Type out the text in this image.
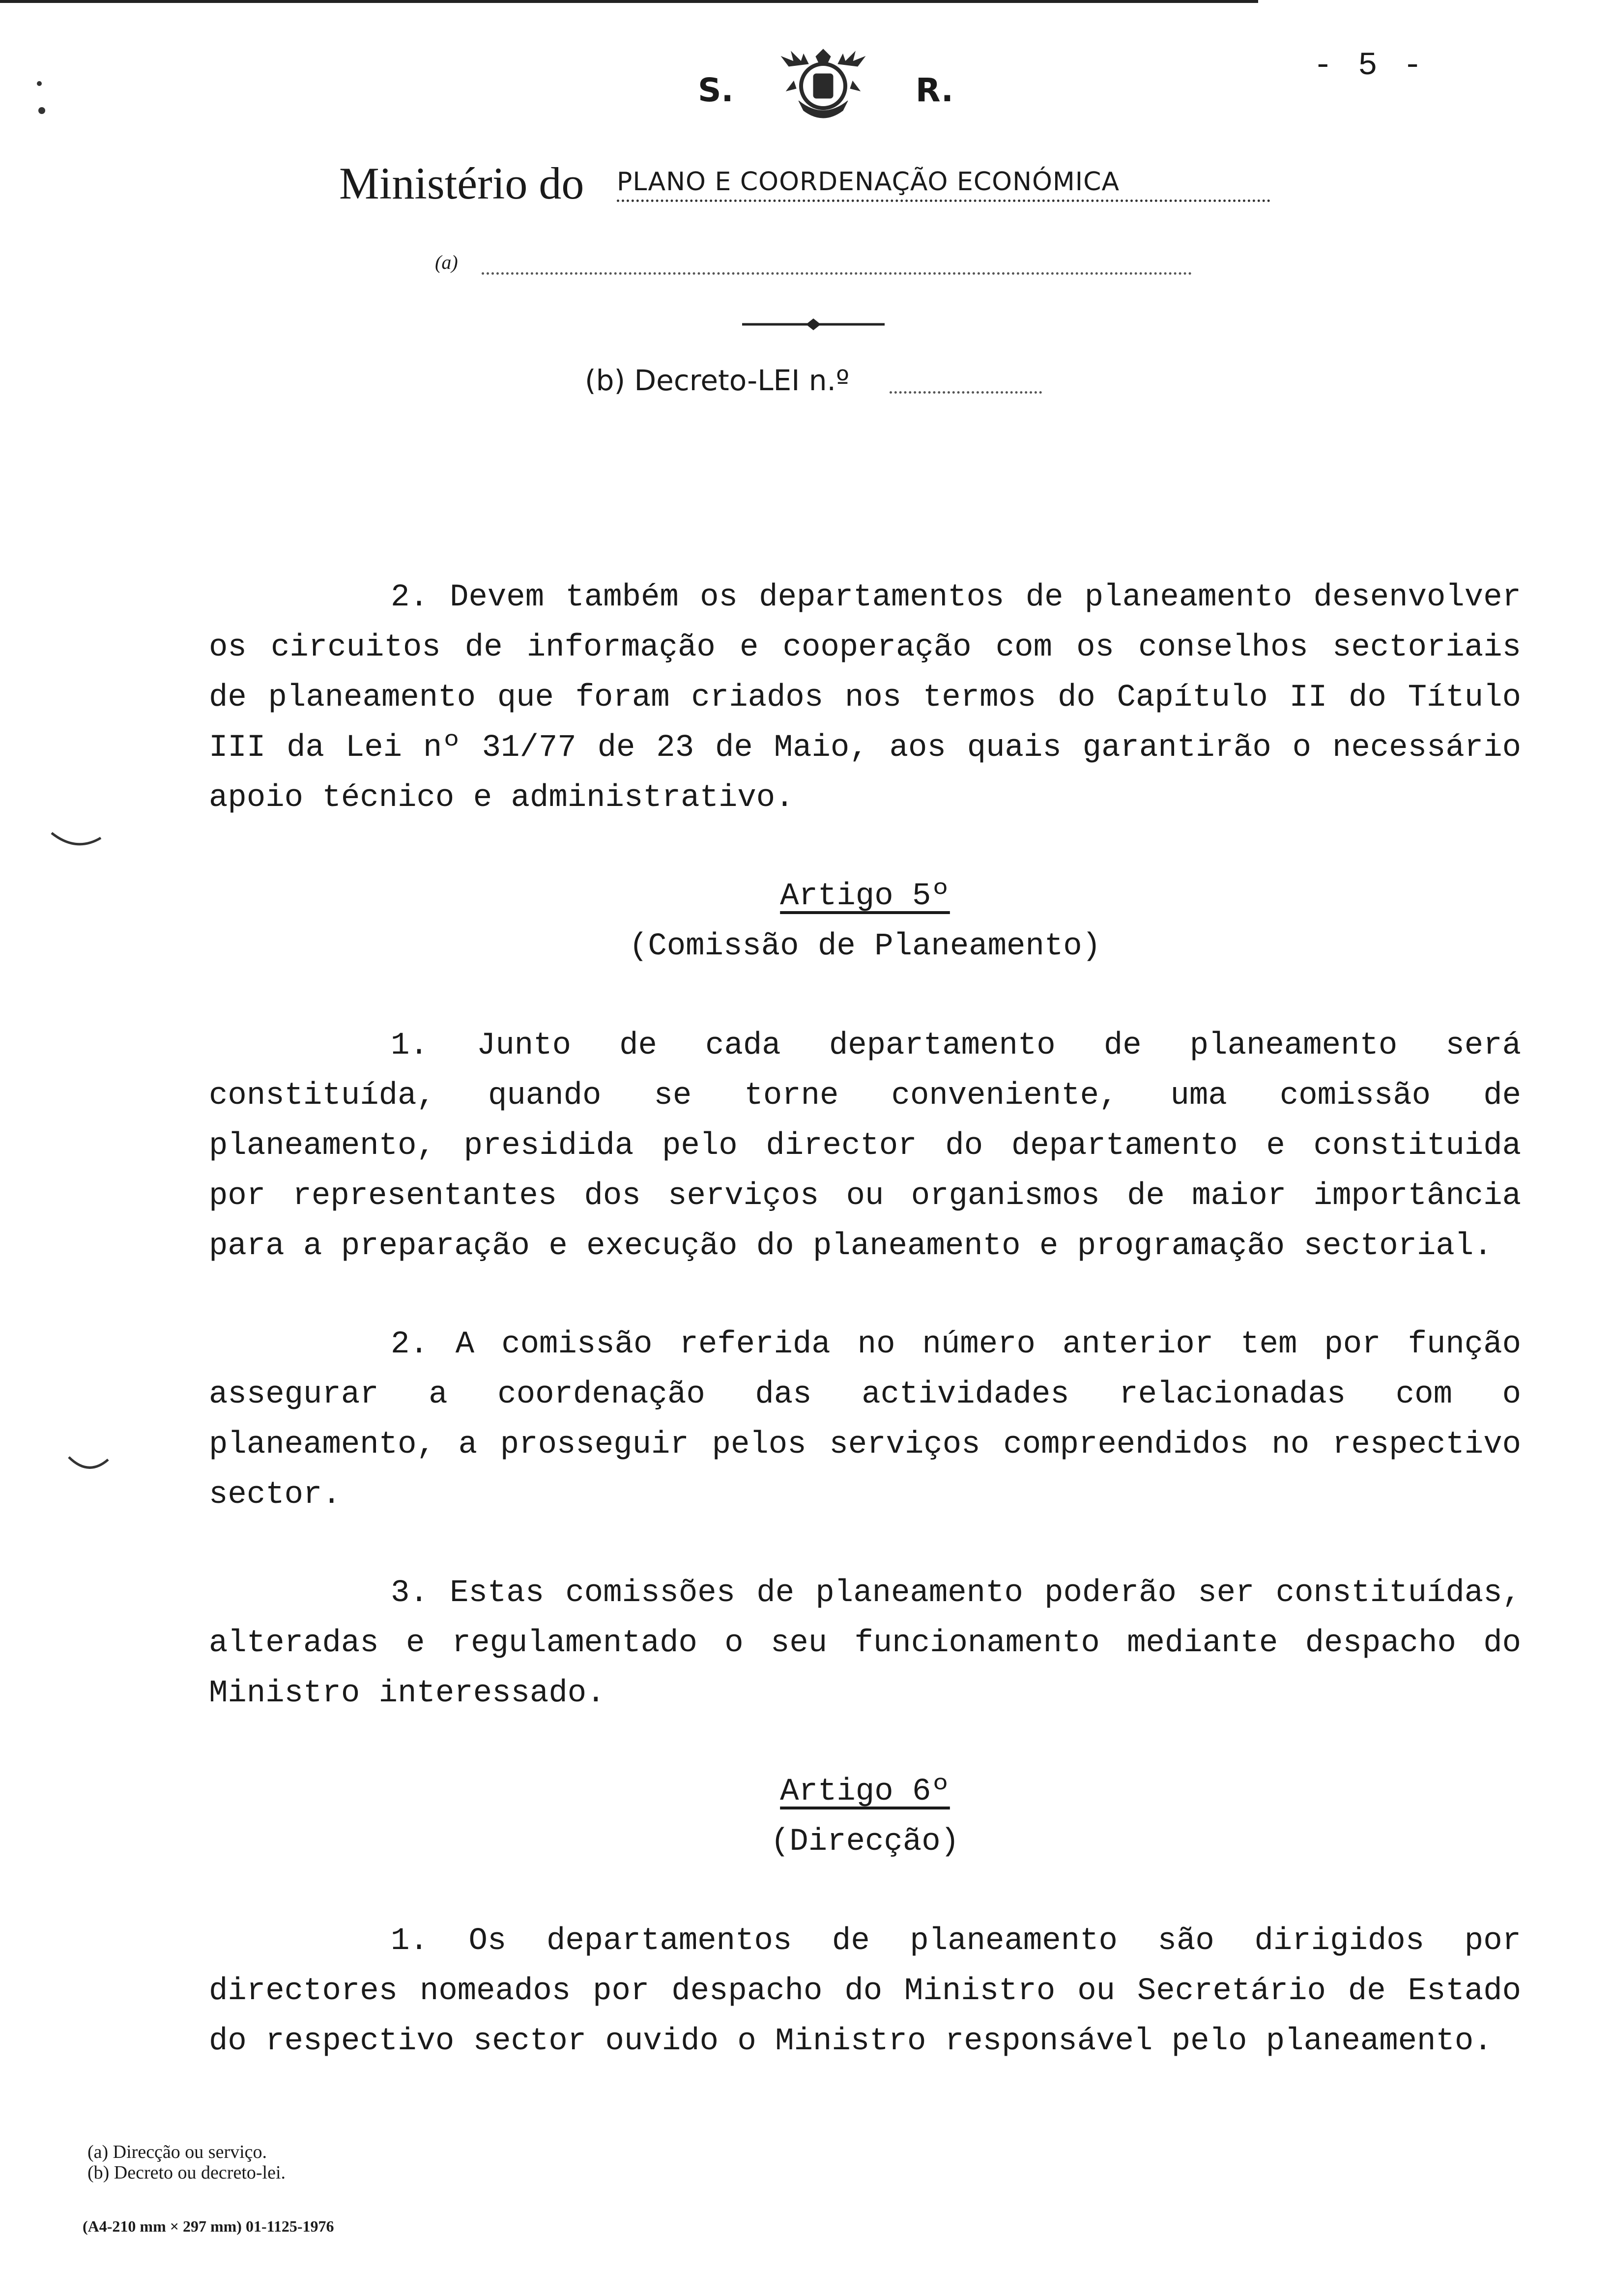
- 5 -
S.	R.
Ministério do PLANO E COORDENAÇÃO ECONÓMICA
(a)
(b) Decreto-LEI n.º

2. Devem também os departamentos de planeamento desenvolver os circuitos de informação e cooperação com os conselhos sectoriais de planeamento que foram criados nos termos do Capítulo II do Título III da Lei nº 31/77 de 23 de Maio, aos quais garantirão o necessário apoio técnico e administrativo.

Artigo 5º

(Comissão de Planeamento)

1. Junto de cada departamento de planeamento será constituída, quando se torne conveniente, uma comissão de planeamento, presidida pelo director do departamento e constituida por representantes dos serviços ou organismos de maior importância para a preparação e execução do planeamento e programação sectorial.

2. A comissão referida no número anterior tem por função assegurar a coordenação das actividades relacionadas com o planeamento, a prosseguir pelos serviços compreendidos no respectivo sector.

3. Estas comissões de planeamento poderão ser constituídas, alteradas e regulamentado o seu funcionamento mediante despacho do Ministro interessado.

Artigo 6º

(Direcção)

1. Os departamentos de planeamento são dirigidos por directores nomeados por despacho do Ministro ou Secretário de Estado do respectivo sector ouvido o Ministro responsável pelo planeamento.

(a) Direcção ou serviço.

(b) Decreto ou decreto-lei.

(A4-210 mm × 297 mm) 01-1125-1976
